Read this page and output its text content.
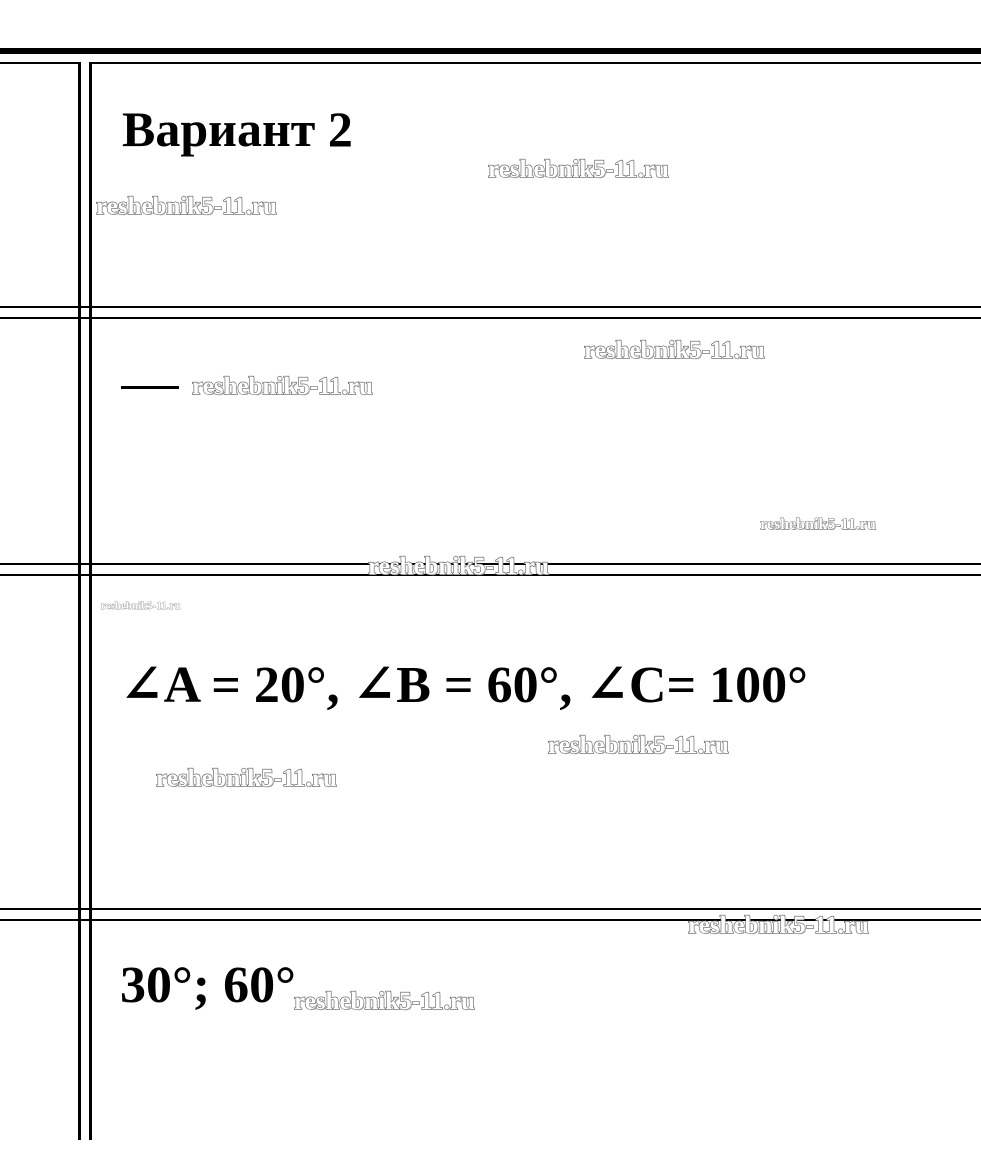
Вариант 2
∠A = 20°, ∠B = 60°, ∠C= 100°
30°; 60°
reshebnik5-11.ru
reshebnik5-11.ru
reshebnik5-11.ru
reshebnik5-11.ru
reshebnik5-11.ru
reshebnik5-11.ru
reshebnik5-11.ru
reshebnik5-11.ru
reshebnik5-11.ru
reshebnik5-11.ru
reshebnik5-11.ru
